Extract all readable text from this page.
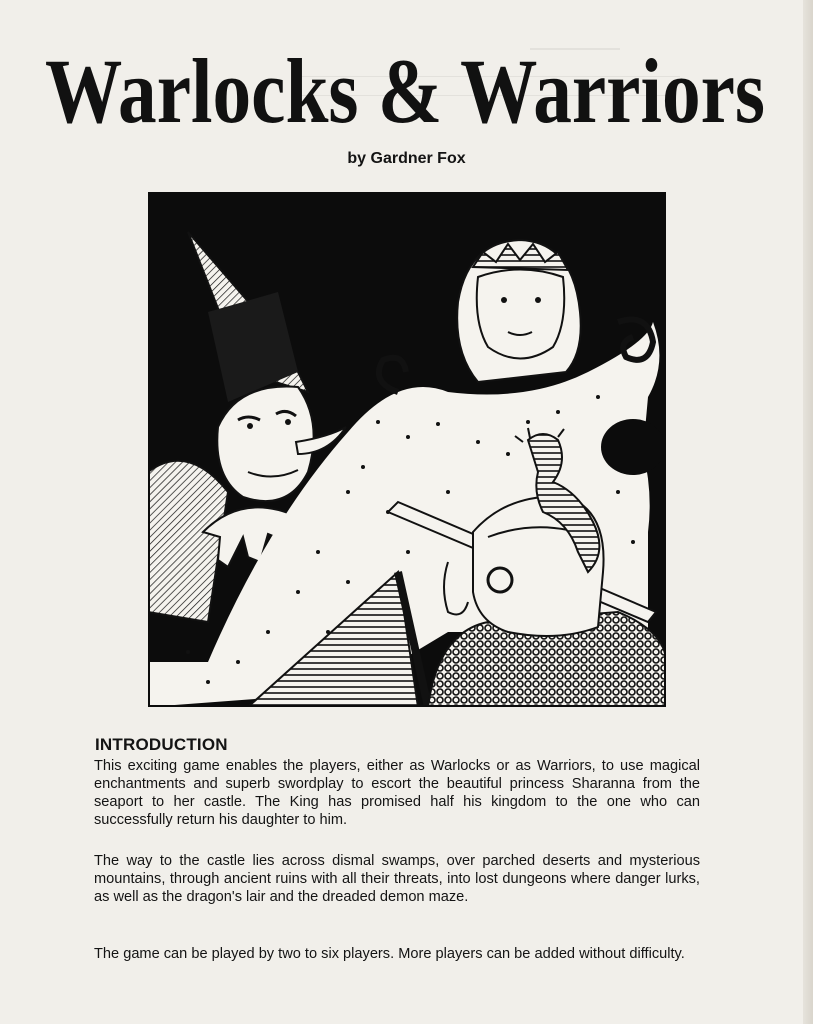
Warlocks & Warriors
by Gardner Fox
INTRODUCTION

This exciting game enables the players, either as Warlocks or as Warriors, to use magical enchantments and superb swordplay to escort the beautiful princess Sharanna from the seaport to her castle. The King has promised half his kingdom to the one who can successfully return his daughter to him.

The way to the castle lies across dismal swamps, over parched deserts and mysterious mountains, through ancient ruins with all their threats, into lost dungeons where danger lurks, as well as the dragon's lair and the dreaded demon maze.

The game can be played by two to six players. More players can be added without difficulty.
